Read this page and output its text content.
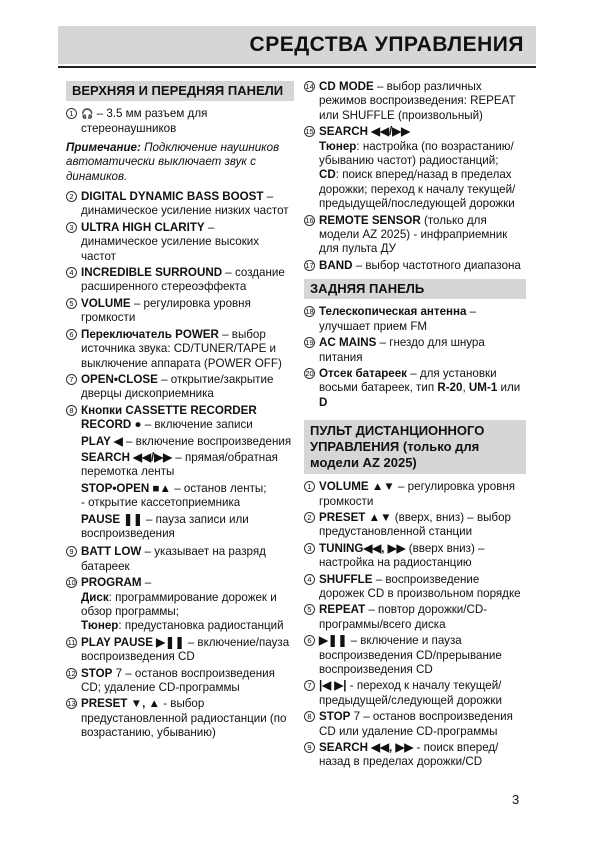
СРЕДСТВА УПРАВЛЕНИЯ
ВЕРХНЯЯ И ПЕРЕДНЯЯ ПАНЕЛИ
1 🎧 – 3.5 мм разъем для стереонаушников
Примечание: Подключение наушников автоматически выключает звук с динамиков.
2 DIGITAL DYNAMIC BASS BOOST – динамическое усиление низких частот
3 ULTRA HIGH CLARITY – динамическое усиление высоких частот
4 INCREDIBLE SURROUND – создание расширенного стереоэффекта
5 VOLUME – регулировка уровня громкости
6 Переключатель POWER – выбор источника звука: CD/TUNER/TAPE и выключение аппарата (POWER OFF)
7 OPEN•CLOSE – открытие/закрытие дверцы дископриемника
8 Кнопки CASSETTE RECORDER
RECORD ● – включение записи
PLAY ◀ – включение воспроизведения
SEARCH ◀◀/▶▶ – прямая/обратная перемотка ленты
STOP•OPEN ■▲ – останов ленты;
- открытие кассетоприемника
PAUSE ❚❚ – пауза записи или воспроизведения
9 BATT LOW – указывает на разряд батареек
10 PROGRAM –
Диск: программирование дорожек и обзор программы;
Тюнер: предустановка радиостанций
11 PLAY PAUSE ▶❚❚ – включение/пауза воспроизведения CD
12 STOP 7 – останов воспроизведения CD; удаление CD-программы
13 PRESET ▼, ▲ - выбор предустановленной радиостанции (по возрастанию, убыванию)
14 CD MODE – выбор различных режимов воспроизведения: REPEAT или SHUFFLE (произвольный)
15 SEARCH ◀◀/▶▶
Тюнер: настройка (по возрастанию/ убыванию частот) радиостанций;
CD: поиск вперед/назад в пределах дорожки; переход к началу текущей/ предыдущей/последующей дорожки
16 REMOTE SENSOR (только для модели AZ 2025) - инфраприемник для пульта ДУ
17 BAND – выбор частотного диапазона
ЗАДНЯЯ ПАНЕЛЬ
18 Телескопическая антенна – улучшает прием FM
19 AC MAINS – гнездо для шнура питания
20 Отсек батареек – для установки восьми батареек, тип R-20, UM-1 или D
ПУЛЬТ ДИСТАНЦИОННОГО УПРАВЛЕНИЯ (только для модели AZ 2025)
1 VOLUME ▲▼ – регулировка уровня громкости
2 PRESET ▲▼ (вверх, вниз) – выбор предустановленной станции
3 TUNING◀◀, ▶▶ (вверх вниз) – настройка на радиостанцию
4 SHUFFLE – воспроизведение дорожек CD в произвольном порядке
5 REPEAT – повтор дорожки/CD-программы/всего диска
6 ▶❚❚ – включение и пауза воспроизведения CD/прерывание воспроизведения CD
7 |◀ ▶| - переход к началу текущей/предыдущей/следующей дорожки
8 STOP 7 – останов воспроизведения CD или удаление CD-программы
9 SEARCH ◀◀, ▶▶ - поиск вперед/назад в пределах дорожки/CD
3
